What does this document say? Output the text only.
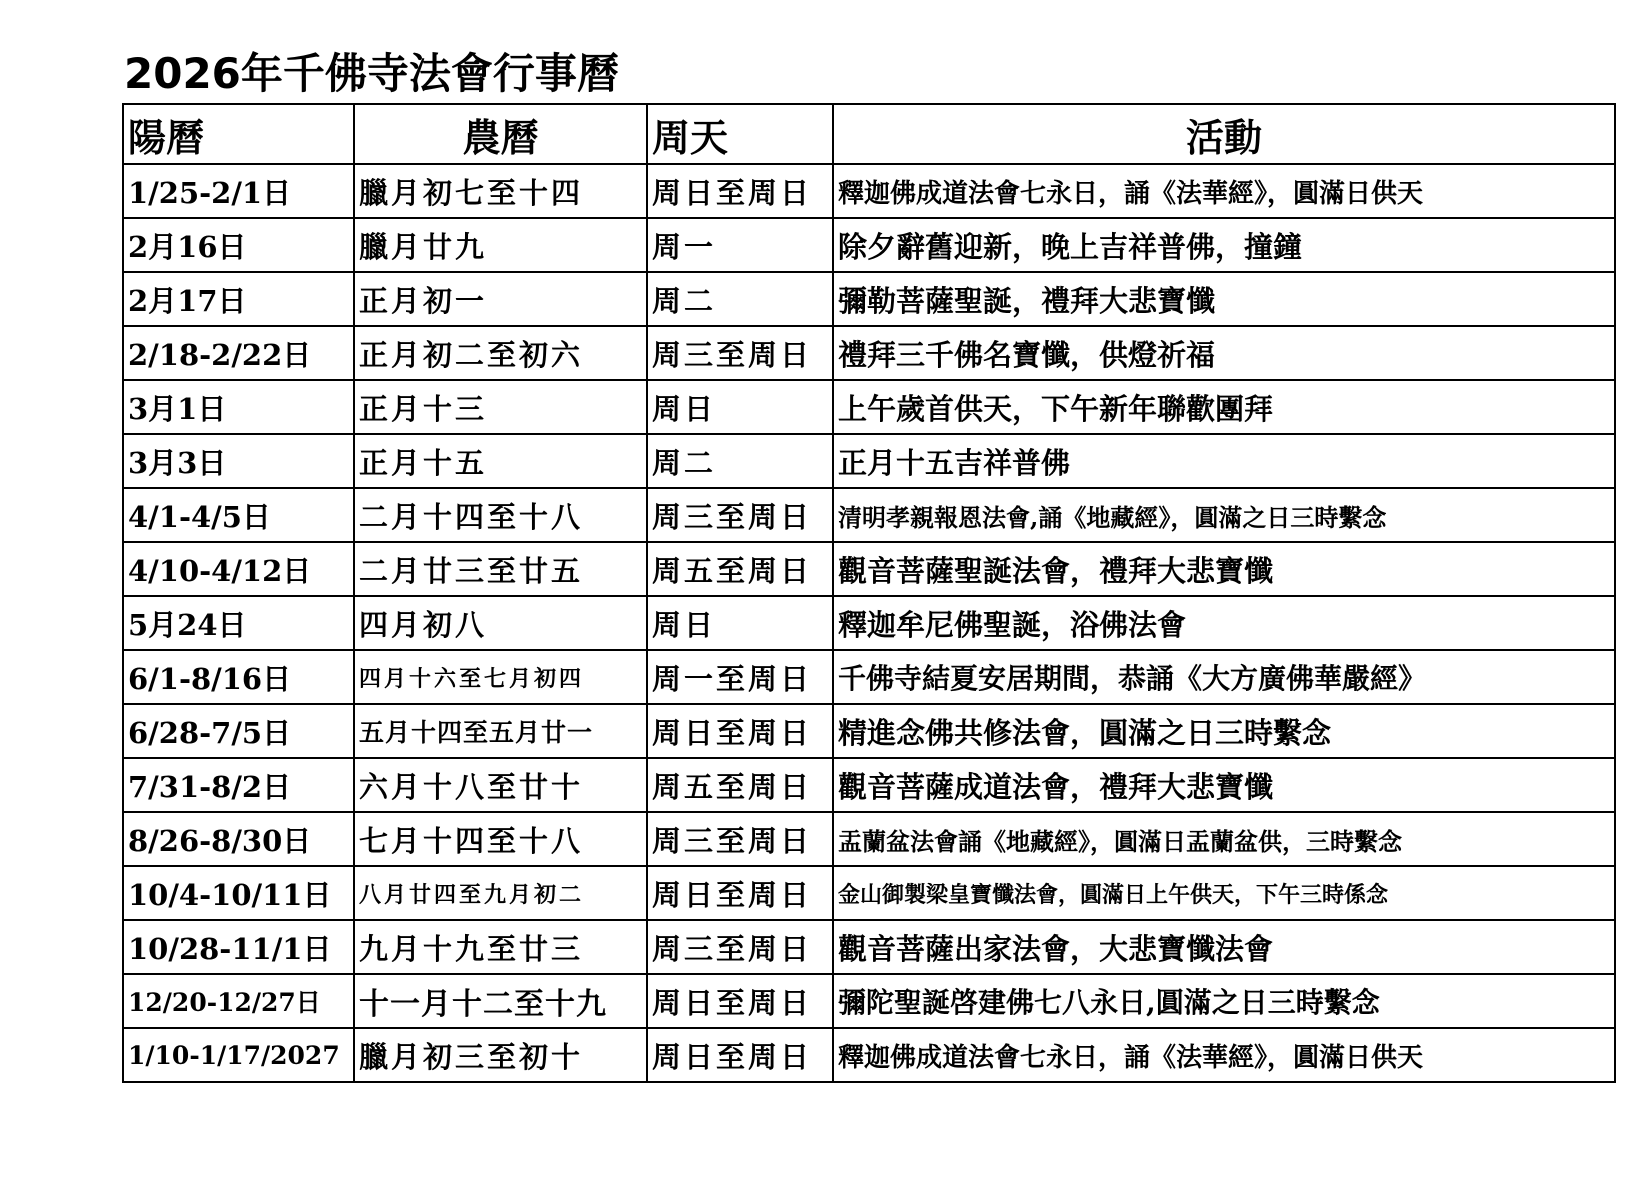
2026年千佛寺法會行事曆
陽曆	農曆	周天	活動
1/25-2/1日	臘月初七至十四	周日至周日	釋迦佛成道法會七永日，誦《法華經》，圓滿日供天
2月16日	臘月廿九	周一	除夕辭舊迎新，晚上吉祥普佛，撞鐘
2月17日	正月初一	周二	彌勒菩薩聖誕，禮拜大悲寶懺
2/18-2/22日	正月初二至初六	周三至周日	禮拜三千佛名寶懺，供燈祈福
3月1日	正月十三	周日	上午歲首供天，下午新年聯歡團拜
3月3日	正月十五	周二	正月十五吉祥普佛
4/1-4/5日	二月十四至十八	周三至周日	清明孝親報恩法會,誦《地藏經》，圓滿之日三時繫念
4/10-4/12日	二月廿三至廿五	周五至周日	觀音菩薩聖誕法會，禮拜大悲寶懺
5月24日	四月初八	周日	釋迦牟尼佛聖誕，浴佛法會
6/1-8/16日	四月十六至七月初四	周一至周日	千佛寺結夏安居期間，恭誦《大方廣佛華嚴經》
6/28-7/5日	五月十四至五月廿一	周日至周日	精進念佛共修法會，圓滿之日三時繫念
7/31-8/2日	六月十八至廿十	周五至周日	觀音菩薩成道法會，禮拜大悲寶懺
8/26-8/30日	七月十四至十八	周三至周日	盂蘭盆法會誦《地藏經》，圓滿日盂蘭盆供，三時繫念
10/4-10/11日	八月廿四至九月初二	周日至周日	金山御製梁皇寶懺法會，圓滿日上午供天，下午三時係念
10/28-11/1日	九月十九至廿三	周三至周日	觀音菩薩出家法會，大悲寶懺法會
12/20-12/27日	十一月十二至十九	周日至周日	彌陀聖誕啓建佛七八永日,圓滿之日三時繫念
1/10-1/17/2027	臘月初三至初十	周日至周日	釋迦佛成道法會七永日，誦《法華經》，圓滿日供天
